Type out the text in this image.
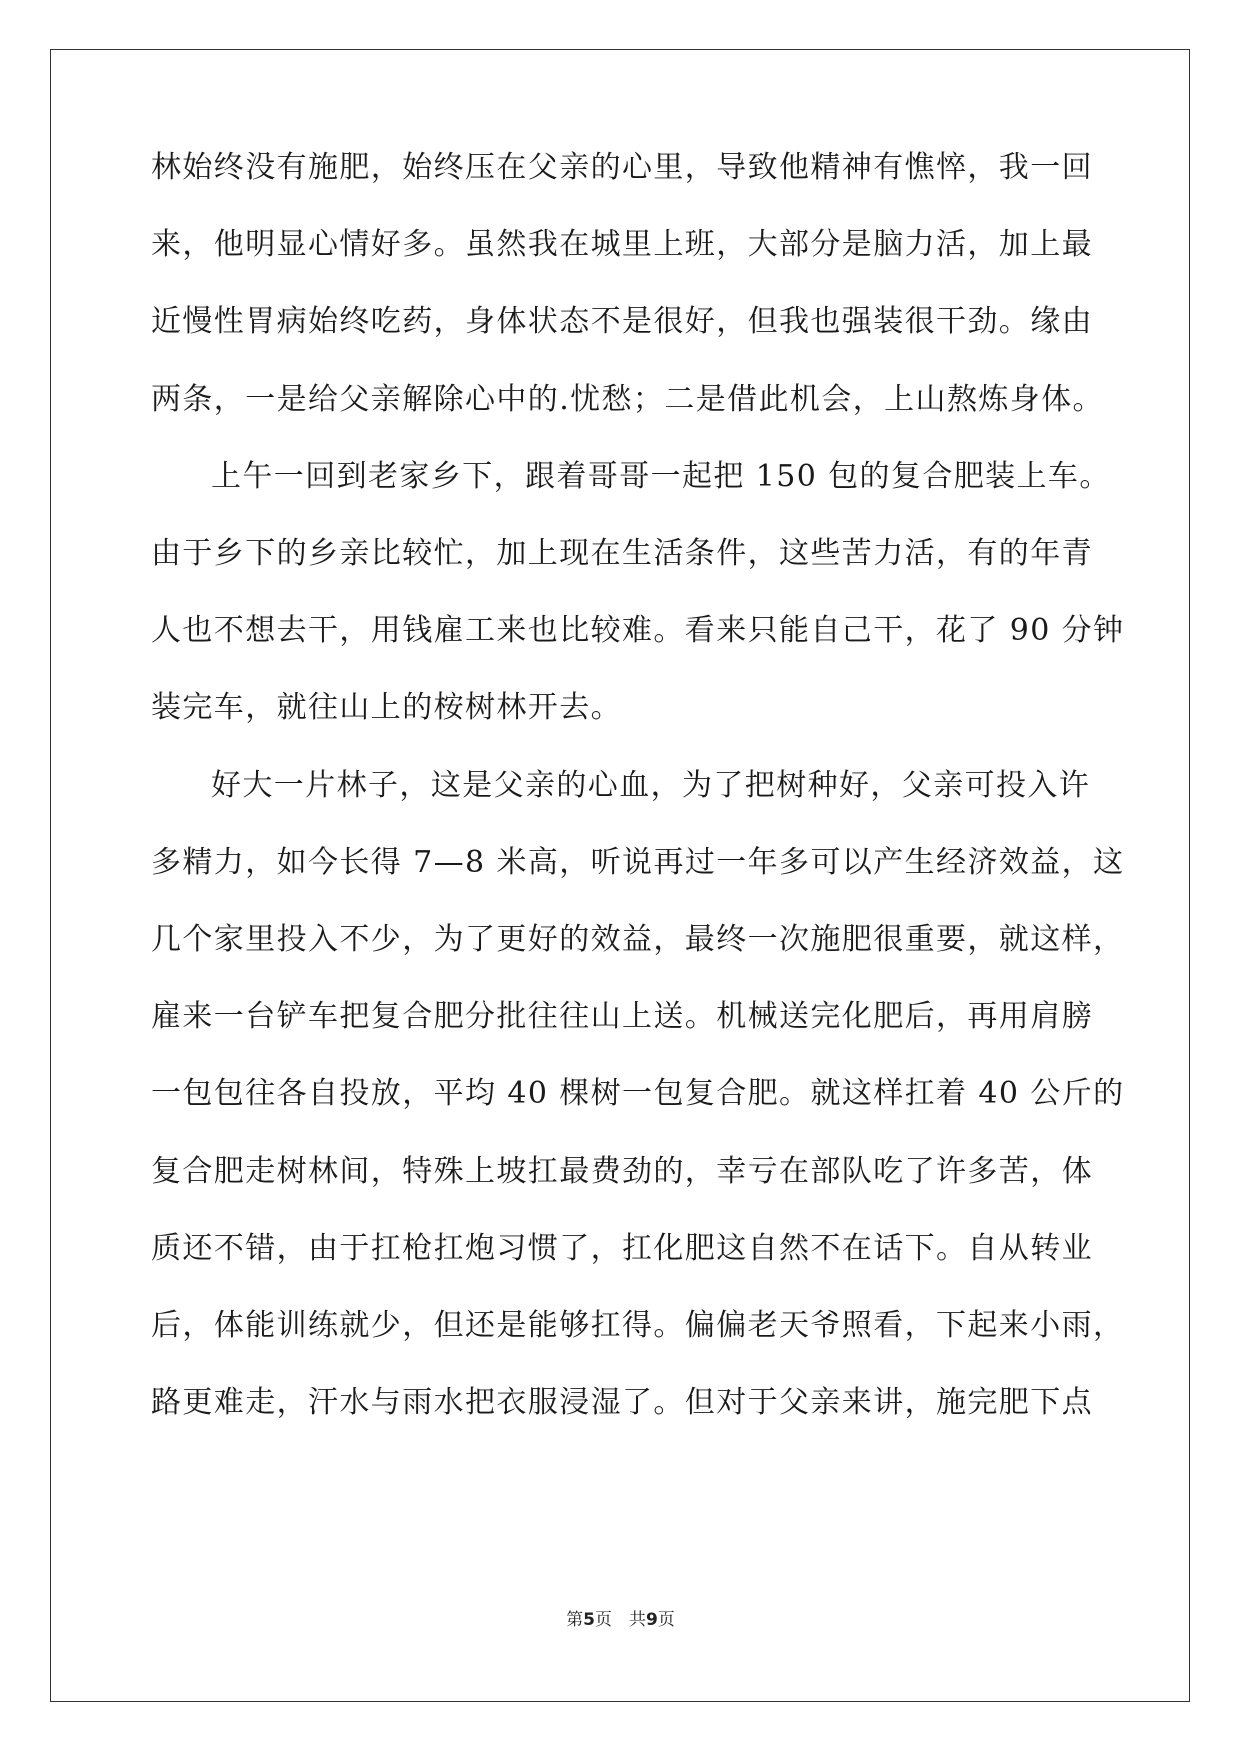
林始终没有施肥，始终压在父亲的心里，导致他精神有憔悴，我一回
来，他明显心情好多。虽然我在城里上班，大部分是脑力活，加上最
近慢性胃病始终吃药，身体状态不是很好，但我也强装很干劲。缘由
两条，一是给父亲解除心中的.忧愁；二是借此机会，上山熬炼身体。
上午一回到老家乡下，跟着哥哥一起把 150 包的复合肥装上车。
由于乡下的乡亲比较忙，加上现在生活条件，这些苦力活，有的年青
人也不想去干，用钱雇工来也比较难。看来只能自己干，花了 90 分钟
装完车，就往山上的桉树林开去。
好大一片林子，这是父亲的心血，为了把树种好，父亲可投入许
多精力，如今长得 7—8 米高，听说再过一年多可以产生经济效益，这
几个家里投入不少，为了更好的效益，最终一次施肥很重要，就这样，
雇来一台铲车把复合肥分批往往山上送。机械送完化肥后，再用肩膀
一包包往各自投放，平均 40 棵树一包复合肥。就这样扛着 40 公斤的
复合肥走树林间，特殊上坡扛最费劲的，幸亏在部队吃了许多苦，体
质还不错，由于扛枪扛炮习惯了，扛化肥这自然不在话下。自从转业
后，体能训练就少，但还是能够扛得。偏偏老天爷照看，下起来小雨，
路更难走，汗水与雨水把衣服浸湿了。但对于父亲来讲，施完肥下点
第5页　共9页
